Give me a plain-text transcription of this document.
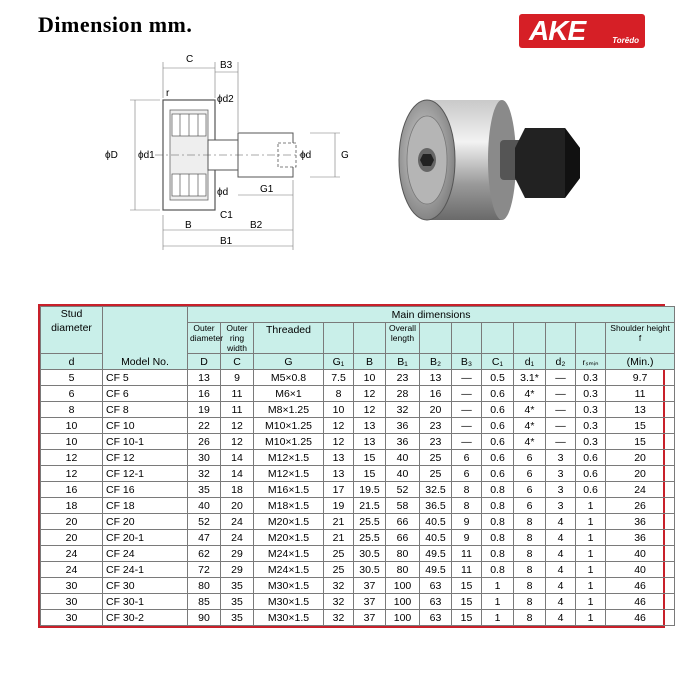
Dimension mm.	AKE	Torēdo
C
B3
ϕd2
r
ϕD ϕd1	ϕd	G
ϕd	G1
C1
B	B2
B1
Stud diameter	Model No.	Main dimensions												
		Outer diameter	Outer ring width	Threaded			Overall length							Shoulder height
f
d		D	C	G	G₁	B	B₁	B₂	B₃	C₁	d₁	d₂	rₛₘᵢₙ	(Min.)
5	CF 5	13	9	M5×0.8	7.5	10	23	13	—	0.5	3.1*	—	0.3	9.7
6	CF 6	16	11	M6×1	8	12	28	16	—	0.6	4*	—	0.3	11
8	CF 8	19	11	M8×1.25	10	12	32	20	—	0.6	4*	—	0.3	13
10	CF 10	22	12	M10×1.25	12	13	36	23	—	0.6	4*	—	0.3	15
10	CF 10-1	26	12	M10×1.25	12	13	36	23	—	0.6	4*	—	0.3	15
12	CF 12	30	14	M12×1.5	13	15	40	25	6	0.6	6	3	0.6	20
12	CF 12-1	32	14	M12×1.5	13	15	40	25	6	0.6	6	3	0.6	20
16	CF 16	35	18	M16×1.5	17	19.5	52	32.5	8	0.8	6	3	0.6	24
18	CF 18	40	20	M18×1.5	19	21.5	58	36.5	8	0.8	6	3	1	26
20	CF 20	52	24	M20×1.5	21	25.5	66	40.5	9	0.8	8	4	1	36
20	CF 20-1	47	24	M20×1.5	21	25.5	66	40.5	9	0.8	8	4	1	36
24	CF 24	62	29	M24×1.5	25	30.5	80	49.5	11	0.8	8	4	1	40
24	CF 24-1	72	29	M24×1.5	25	30.5	80	49.5	11	0.8	8	4	1	40
30	CF 30	80	35	M30×1.5	32	37	100	63	15	1	8	4	1	46
30	CF 30-1	85	35	M30×1.5	32	37	100	63	15	1	8	4	1	46
30	CF 30-2	90	35	M30×1.5	32	37	100	63	15	1	8	4	1	46
